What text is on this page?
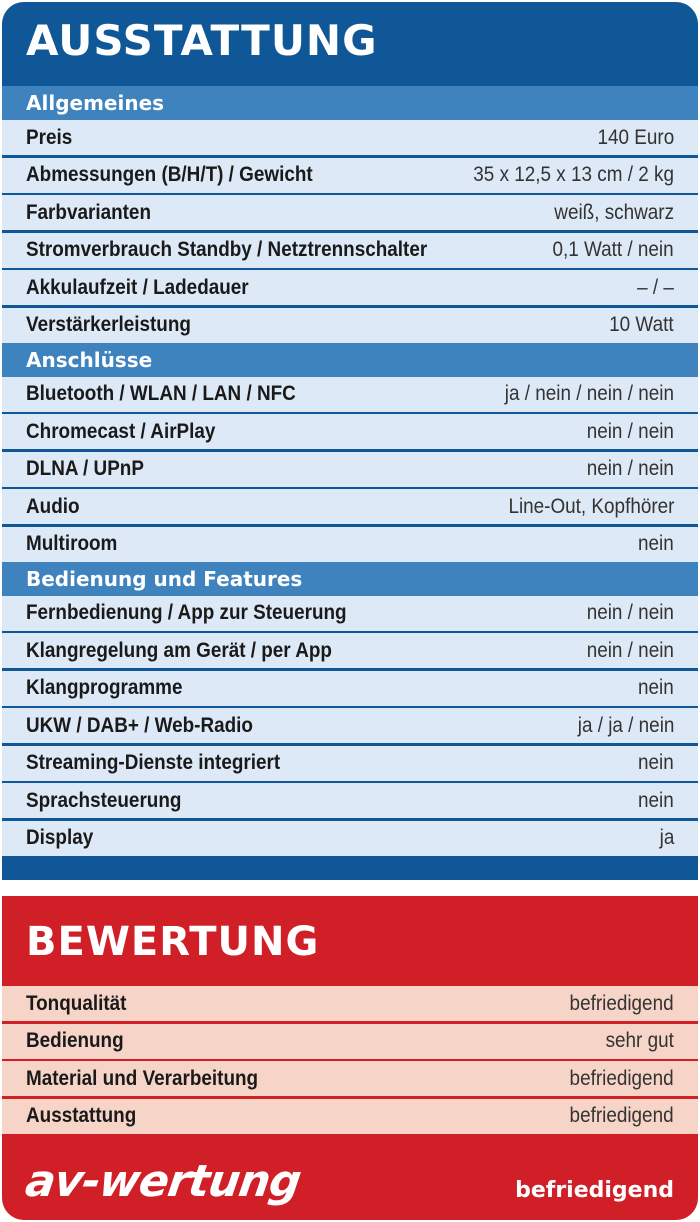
AUSSTATTUNG
Allgemeines
Preis	140 Euro
Abmessungen (B/H/T) / Gewicht	35 x 12,5 x 13 cm / 2 kg
Farbvarianten	weiß, schwarz
Stromverbrauch Standby / Netztrennschalter	0,1 Watt / nein
Akkulaufzeit / Ladedauer	– / –
Verstärkerleistung	10 Watt
Anschlüsse
Bluetooth / WLAN / LAN / NFC	ja / nein / nein / nein
Chromecast / AirPlay	nein / nein
DLNA / UPnP	nein / nein
Audio	Line-Out, Kopfhörer
Multiroom	nein
Bedienung und Features
Fernbedienung / App zur Steuerung	nein / nein
Klangregelung am Gerät / per App	nein / nein
Klangprogramme	nein
UKW / DAB+ / Web-Radio	ja / ja / nein
Streaming-Dienste integriert	nein
Sprachsteuerung	nein
Display	ja
BEWERTUNG
Tonqualität	befriedigend
Bedienung	sehr gut
Material und Verarbeitung	befriedigend
Ausstattung	befriedigend
av-wertung	befriedigend
